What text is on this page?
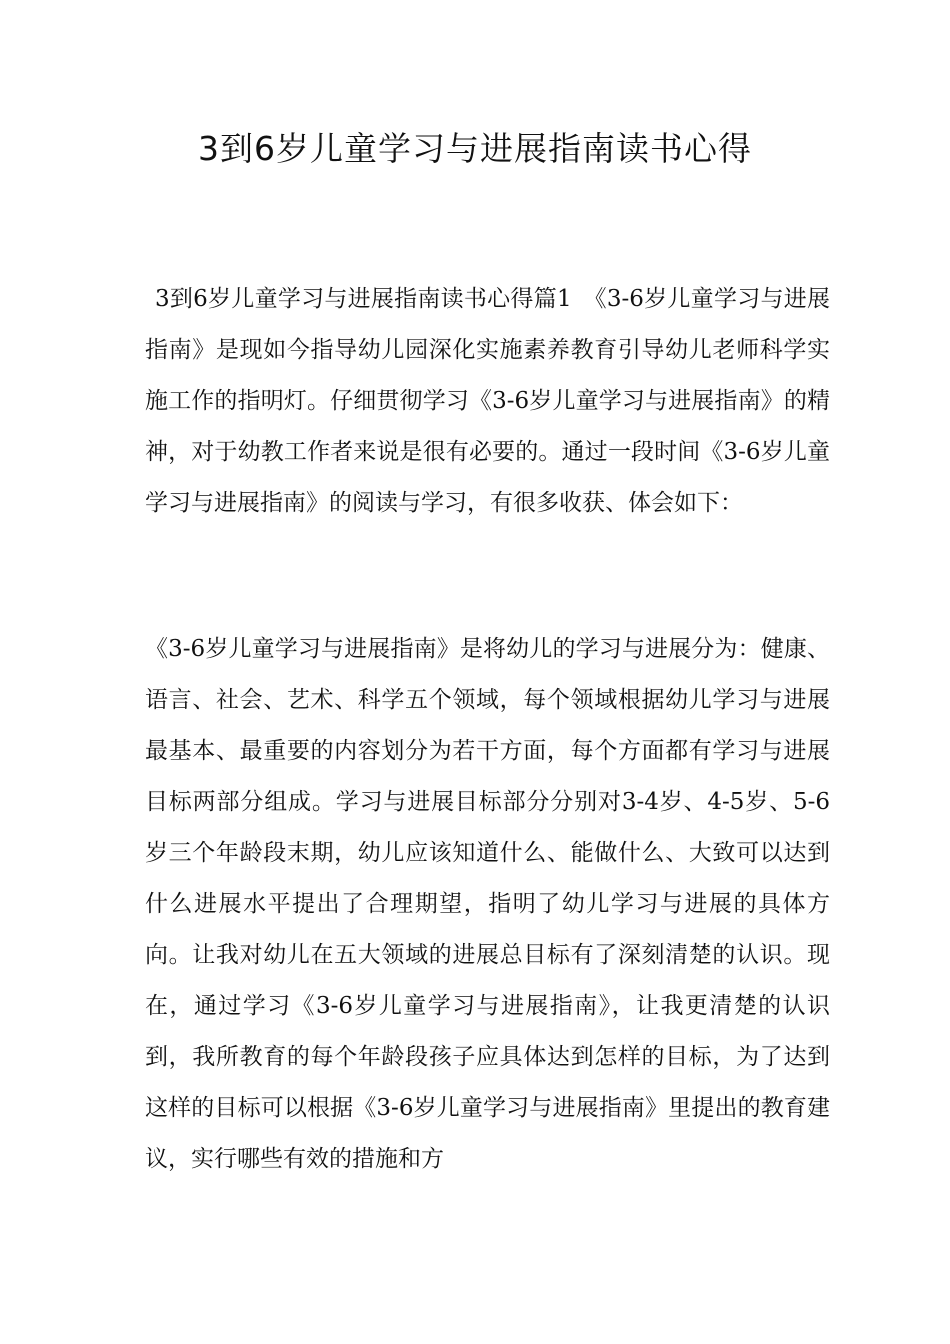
3到6岁儿童学习与进展指南读书心得

3到6岁儿童学习与进展指南读书心得篇1　《3-6岁儿童学习与进展指南》是现如今指导幼儿园深化实施素养教育引导幼儿老师科学实施工作的指明灯。仔细贯彻学习《3-6岁儿童学习与进展指南》的精神，对于幼教工作者来说是很有必要的。通过一段时间《3-6岁儿童学习与进展指南》的阅读与学习，有很多收获、体会如下：

《3-6岁儿童学习与进展指南》是将幼儿的学习与进展分为：健康、语言、社会、艺术、科学五个领域，每个领域根据幼儿学习与进展最基本、最重要的内容划分为若干方面，每个方面都有学习与进展目标两部分组成。学习与进展目标部分分别对3-4岁、4-5岁、5-6岁三个年龄段末期，幼儿应该知道什么、能做什么、大致可以达到什么进展水平提出了合理期望，指明了幼儿学习与进展的具体方向。让我对幼儿在五大领域的进展总目标有了深刻清楚的认识。现在，通过学习《3-6岁儿童学习与进展指南》，让我更清楚的认识到，我所教育的每个年龄段孩子应具体达到怎样的目标，为了达到这样的目标可以根据《3-6岁儿童学习与进展指南》里提出的教育建议，实行哪些有效的措施和方
